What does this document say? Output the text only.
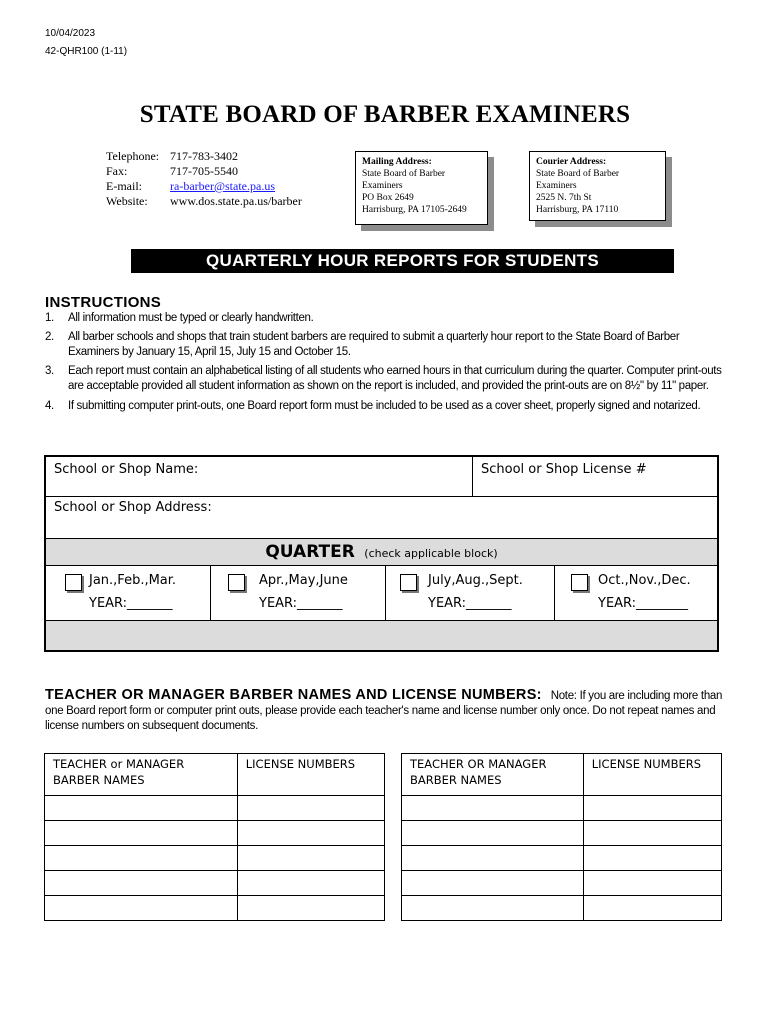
10/04/2023
42-QHR100 (1-11)
STATE BOARD OF BARBER EXAMINERS
Telephone: 717-783-3402
Fax:	717-705-5540
E-mail:	ra-barber@state.pa.us
Website:	www.dos.state.pa.us/barber
Mailing Address:
State Board of Barber
Examiners
PO Box 2649
Harrisburg, PA 17105-2649
Courier Address:
State Board of Barber
Examiners
2525 N. 7th St
Harrisburg, PA 17110
QUARTERLY HOUR REPORTS FOR STUDENTS
INSTRUCTIONS
1.	All information must be typed or clearly handwritten.
2.	All barber schools and shops that train student barbers are required to submit a quarterly hour report to the State Board of Barber Examiners by January 15, April 15, July 15 and October 15.
3.	Each report must contain an alphabetical listing of all students who earned hours in that curriculum during the quarter. Computer print-outs are acceptable provided all student information as shown on the report is included, and provided the print-outs are on 8½" by 11" paper.
4.	If submitting computer print-outs, one Board report form must be included to be used as a cover sheet, properly signed and notarized.
School or Shop Name:	School or Shop License #
School or Shop Address:
QUARTER (check applicable block)
Jan.,Feb.,Mar.
YEAR:_______
Apr.,May,June
YEAR:_______
July,Aug.,Sept.
YEAR:_______
Oct.,Nov.,Dec.
YEAR:________
TEACHER OR MANAGER BARBER NAMES AND LICENSE NUMBERS: Note: If you are including more than one Board report form or computer print outs, please provide each teacher's name and license number only once. Do not repeat names and license numbers on subsequent documents.
TEACHER or MANAGER BARBER NAMES	LICENSE NUMBERS

		TEACHER OR MANAGER BARBER NAMES	LICENSE NUMBERS
